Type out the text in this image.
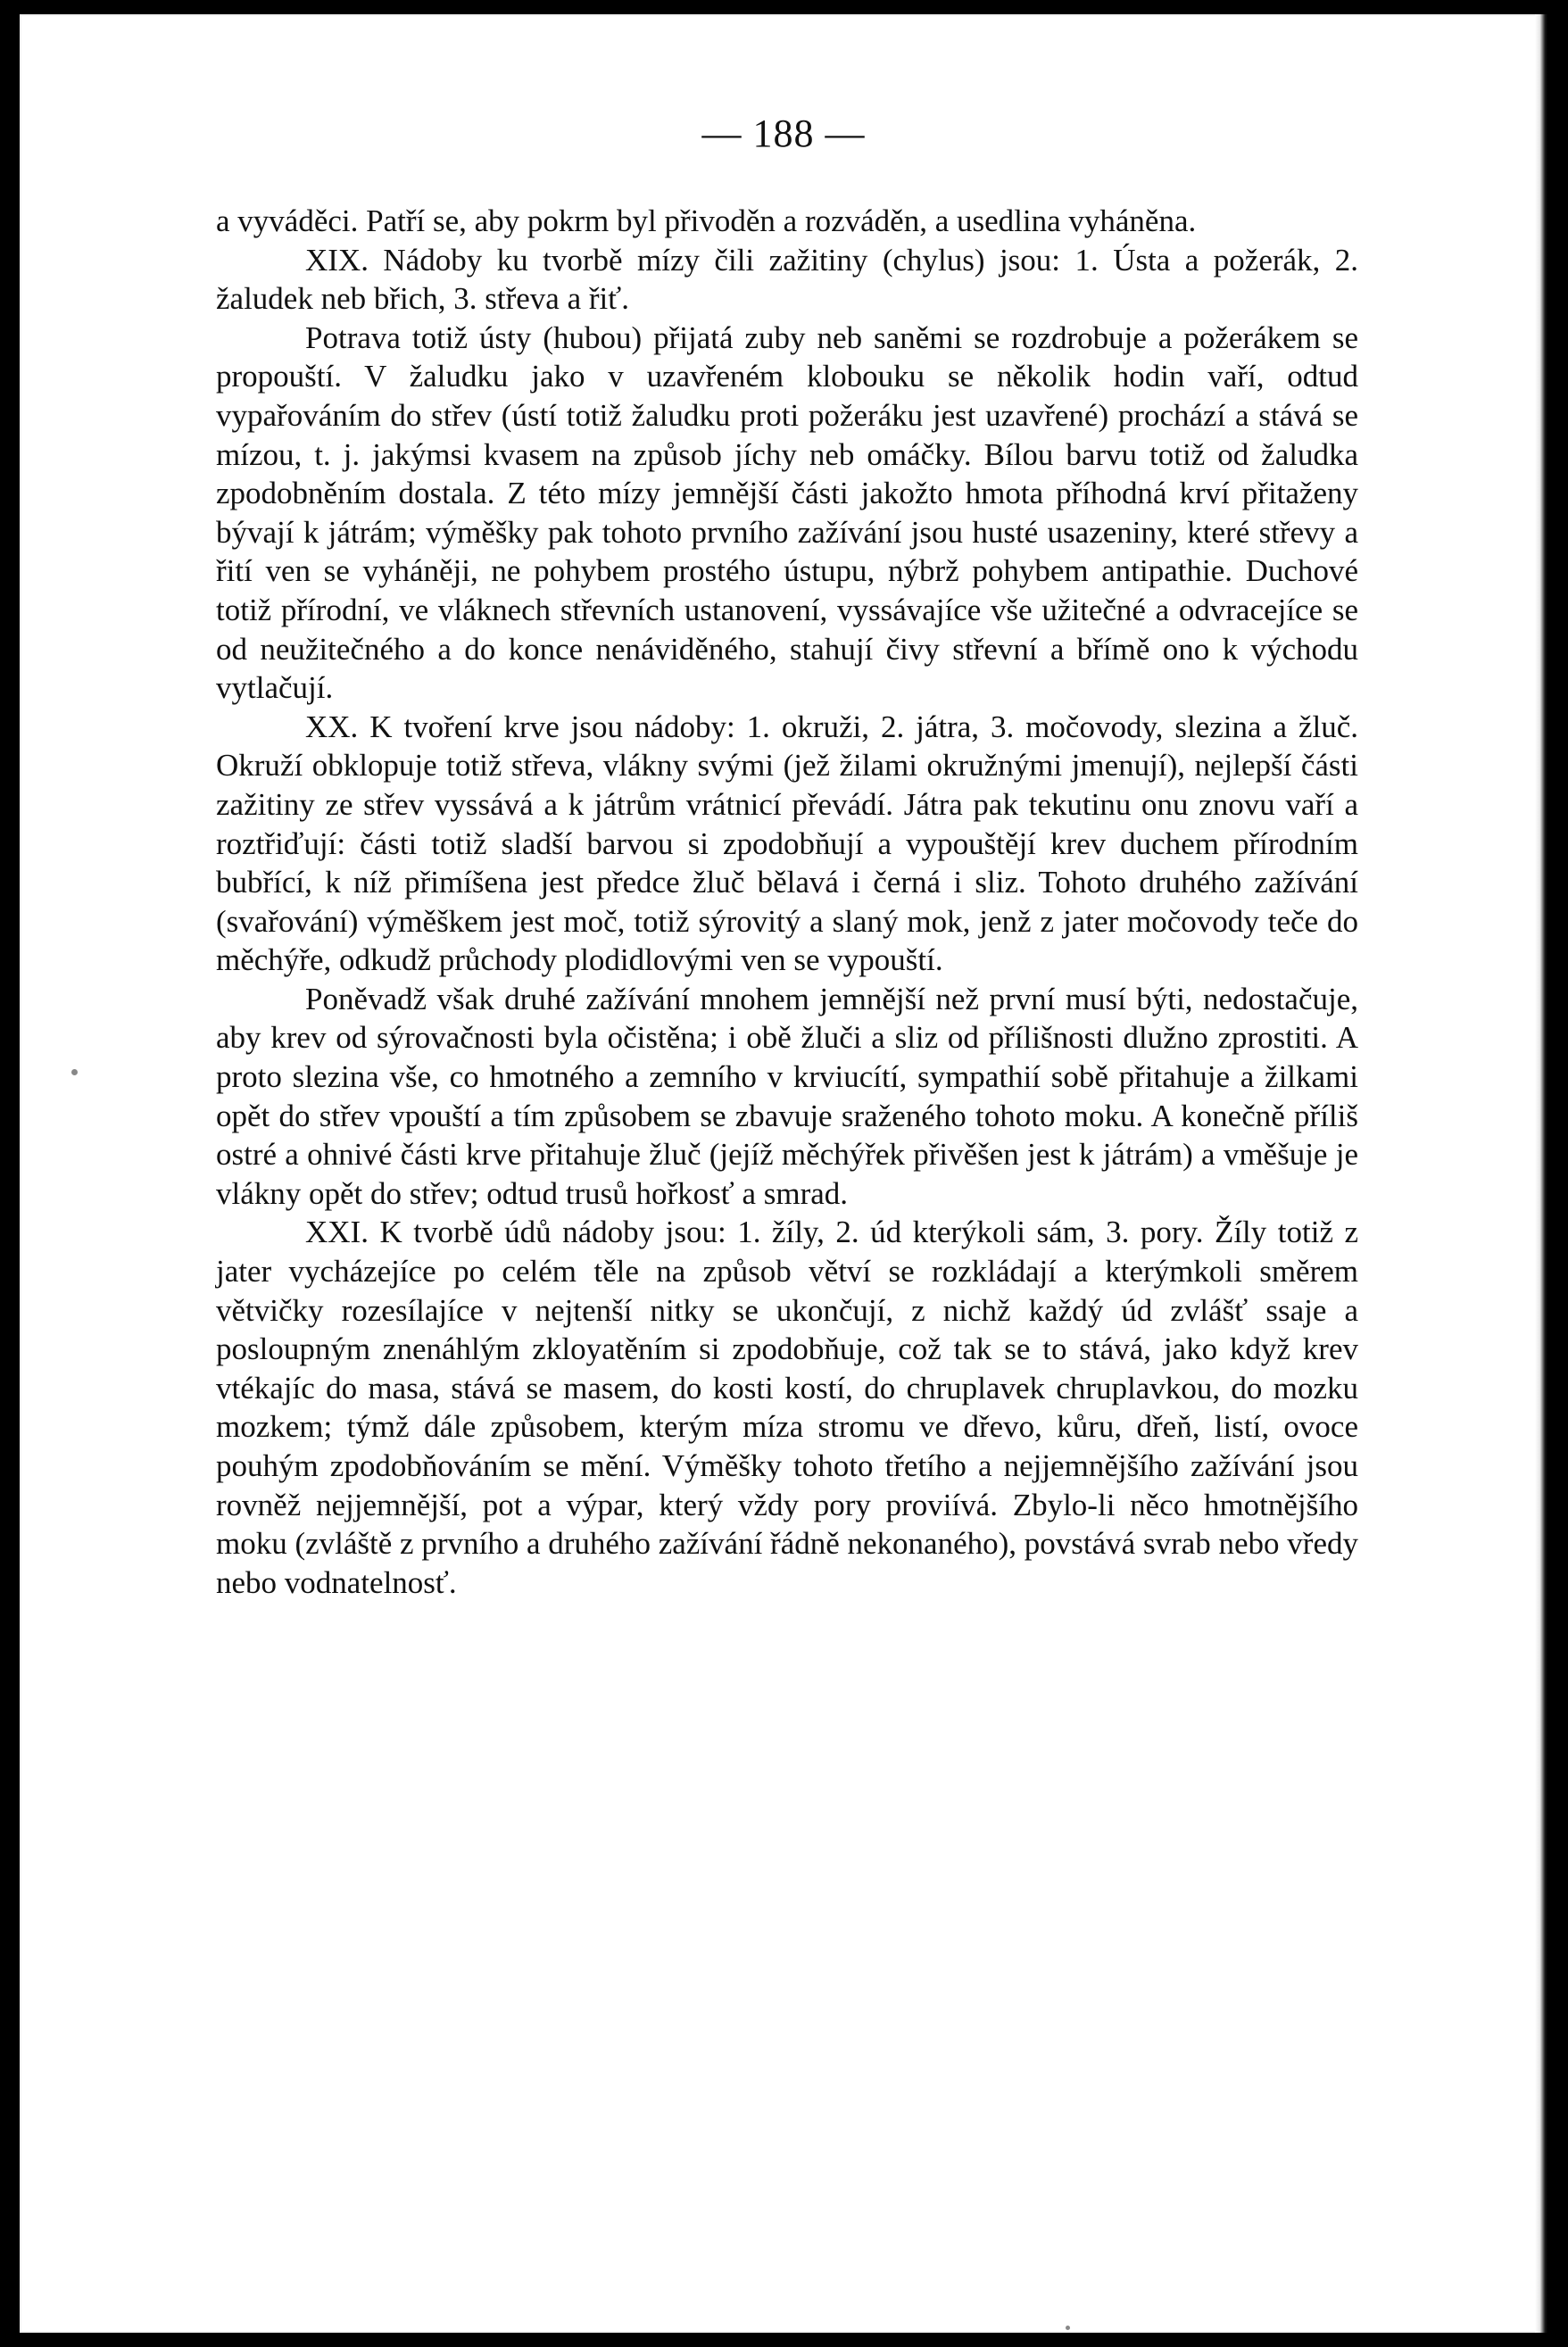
— 188 —

a vyváděci. Patří se, aby pokrm byl přivoděn a rozváděn, a usedlina vyháněna.

XIX. Nádoby ku tvorbě mízy čili zažitiny (chylus) jsou: 1. Ústa a požerák, 2. žaludek neb břich, 3. střeva a řiť.

Potrava totiž ústy (hubou) přijatá zuby neb saněmi se rozdrobuje a požerákem se propouští. V žaludku jako v uzavřeném klobouku se několik hodin vaří, odtud vypařováním do střev (ústí totiž žaludku proti požeráku jest uzavřené) prochází a stává se mízou, t. j. jakýmsi kvasem na způsob jíchy neb omáčky. Bílou barvu totiž od žaludka zpodobněním dostala. Z této mízy jemnější části jakožto hmota příhodná krví přitaženy bývají k játrám; výměšky pak tohoto prvního zažívání jsou husté usazeniny, které střevy a řití ven se vyháněji, ne pohybem prostého ústupu, nýbrž pohybem antipathie. Duchové totiž přírodní, ve vláknech střevních ustanovení, vyssávajíce vše užitečné a odvracejíce se od neužitečného a do konce nenáviděného, stahují čivy střevní a břímě ono k východu vytlačují.

XX. K tvoření krve jsou nádoby: 1. okruži, 2. játra, 3. močovody, slezina a žluč. Okruží obklopuje totiž střeva, vlákny svými (jež žilami okružnými jmenují), nejlepší části zažitiny ze střev vyssává a k játrům vrátnicí převádí. Játra pak tekutinu onu znovu vaří a roztřiďují: části totiž sladší barvou si zpodobňují a vypouštějí krev duchem přírodním bubřící, k níž přimíšena jest předce žluč bělavá i černá i sliz. Tohoto druhého zažívání (svařování) výměškem jest moč, totiž sýrovitý a slaný mok, jenž z jater močovody teče do měchýře, odkudž průchody plodidlovými ven se vypouští.

Poněvadž však druhé zažívání mnohem jemnější než první musí býti, nedostačuje, aby krev od sýrovačnosti byla očistěna; i obě žluči a sliz od přílišnosti dlužno zprostiti. A proto slezina vše, co hmotného a zemního v krviucítí, sympathií sobě přitahuje a žilkami opět do střev vpouští a tím způsobem se zbavuje sraženého tohoto moku. A konečně příliš ostré a ohnivé části krve přitahuje žluč (jejíž měchýřek přivěšen jest k játrám) a vměšuje je vlákny opět do střev; odtud trusů hořkosť a smrad.

XXI. K tvorbě údů nádoby jsou: 1. žíly, 2. úd kterýkoli sám, 3. pory. Žíly totiž z jater vycházejíce po celém těle na způsob větví se rozkládají a kterýmkoli směrem větvičky rozesílajíce v nejtenší nitky se ukončují, z nichž každý úd zvlášť ssaje a posloupným znenáhlým zkloyatěním si zpodobňuje, což tak se to stává, jako když krev vtékajíc do masa, stává se masem, do kosti kostí, do chruplavek chruplavkou, do mozku mozkem; týmž dále způsobem, kterým míza stromu ve dřevo, kůru, dřeň, listí, ovoce pouhým zpodobňováním se mění. Výměšky tohoto třetího a nejjemnějšího zažívání jsou rovněž nejjemnější, pot a výpar, který vždy pory proviívá. Zbylo-li něco hmotnějšího moku (zvláště z prvního a druhého zažívání řádně nekonaného), povstává svrab nebo vředy nebo vodnatelnosť.
